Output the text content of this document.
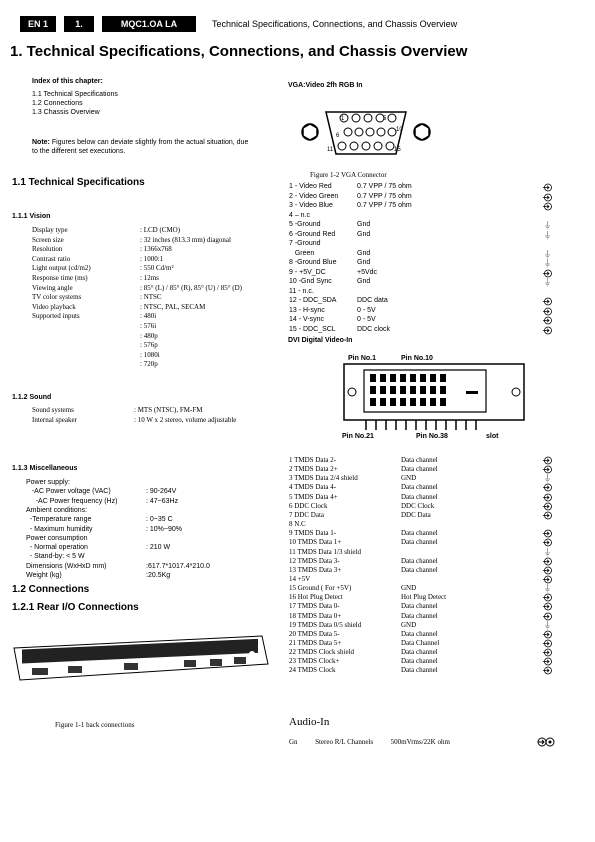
EN 1	1.	MQC1.OA LA	Technical Specifications, Connections, and Chassis Overview
1. Technical Specifications, Connections, and Chassis Overview
Index of this chapter:
1.1 Technical Specifications
1.2 Connections
1.3 Chassis Overview
Note: Figures below can deviate slightly from the actual situation, due to the different set executions.
1.1 Technical Specifications
1.1.1 Vision
Display type	: LCD (CMO)
Screen size	: 32 inches (813.3 mm) diagonal
Resolution	: 1366x768
Contrast ratio	: 1000:1
Light output (cd/m2)	: 550 Cd/m²
Response time (ms)	: 12ms
Viewing angle	: 85° (L) / 85° (R), 85° (U) / 85° (D)
TV color systems	: NTSC
Video playback	: NTSC, PAL, SECAM
Supported inputs	: 480i
: 576i
: 480p
: 576p
: 1080i
: 720p
1.1.2 Sound
Sound systems	: MTS (NTSC), FM-FM
Internal speaker	: 10 W x 2 stereo, volume adjustable
1.1.3 Miscellaneous
Power supply:
-AC Power voltage (VAC)	: 90-264V
-AC Power frequency (Hz)	: 47~63Hz
Ambient conditions:
-Temperature range	: 0~35 C
- Maximum humidity	: 10%~90%
Power consumption
- Normal operation	: 210 W
- Stand-by: < 5 W
Dimensions (WxHxD mm)	:617.7*1017.4*210.0
Weight (kg)	:20.5Kg
1.2 Connections
1.2.1 Rear I/O Connections
Figure 1-1 back connections
VGA:Video 2fh RGB In
1	5
6
10
11	15
Figure 1-2 VGA Connector
1 - Video Red	0.7 VPP / 75 ohm
2 - Video Green	0.7 VPP / 75 ohm
3 - Video Blue	0.7 VPP / 75 ohm
4 – n.c
5 -Ground	Gnd
6 -Ground Red	Gnd
7 -Ground
Green	Gnd
8 -Ground Blue	Gnd
9 - +5V_DC	+5Vdc
10 -Gnd Sync	Gnd
11 - n.c.
12 - DDC_SDA	DDC data
13 - H-sync	0 - 5V
14 - V-sync	0 - 5V
15 - DDC_SCL	DDC clock
DVI Digital Video-In
Pin No.1	Pin No.10
Pin No.21	Pin No.38	slot
1 TMDS Data 2-	Data channel
2 TMDS Data 2+	Data channel
3 TMDS Data 2/4 shield	GND
4 TMDS Data 4-	Data channel
5 TMDS Data 4+	Data channel
6 DDC Clock	DDC Clock
7 DDC Data	DDC Data
8 N.C
9 TMDS Data 1-	Data channel
10 TMDS Data 1+	Data channel
11 TMDS Data 1/3 shield
12 TMDS Data 3-	Data channel
13 TMDS Data 3+	Data channel
14 +5V
15 Ground ( For +5V)	GND
16 Hot Plug Detect	Hot Plug Detect
17 TMDS Data 0-	Data channel
18 TMDS Data 0+	Data channel
19 TMDS Data 0/5 shield	GND
20 TMDS Data 5-	Data channel
21 TMDS Data 5+	Data Channel
22 TMDS Clock shield	Data channel
23 TMDS Clock+	Data channel
24 TMDS Clock	Data channel
Audio-In
Gn	Stereo R/L Channels	500mVrms/22K ohm
